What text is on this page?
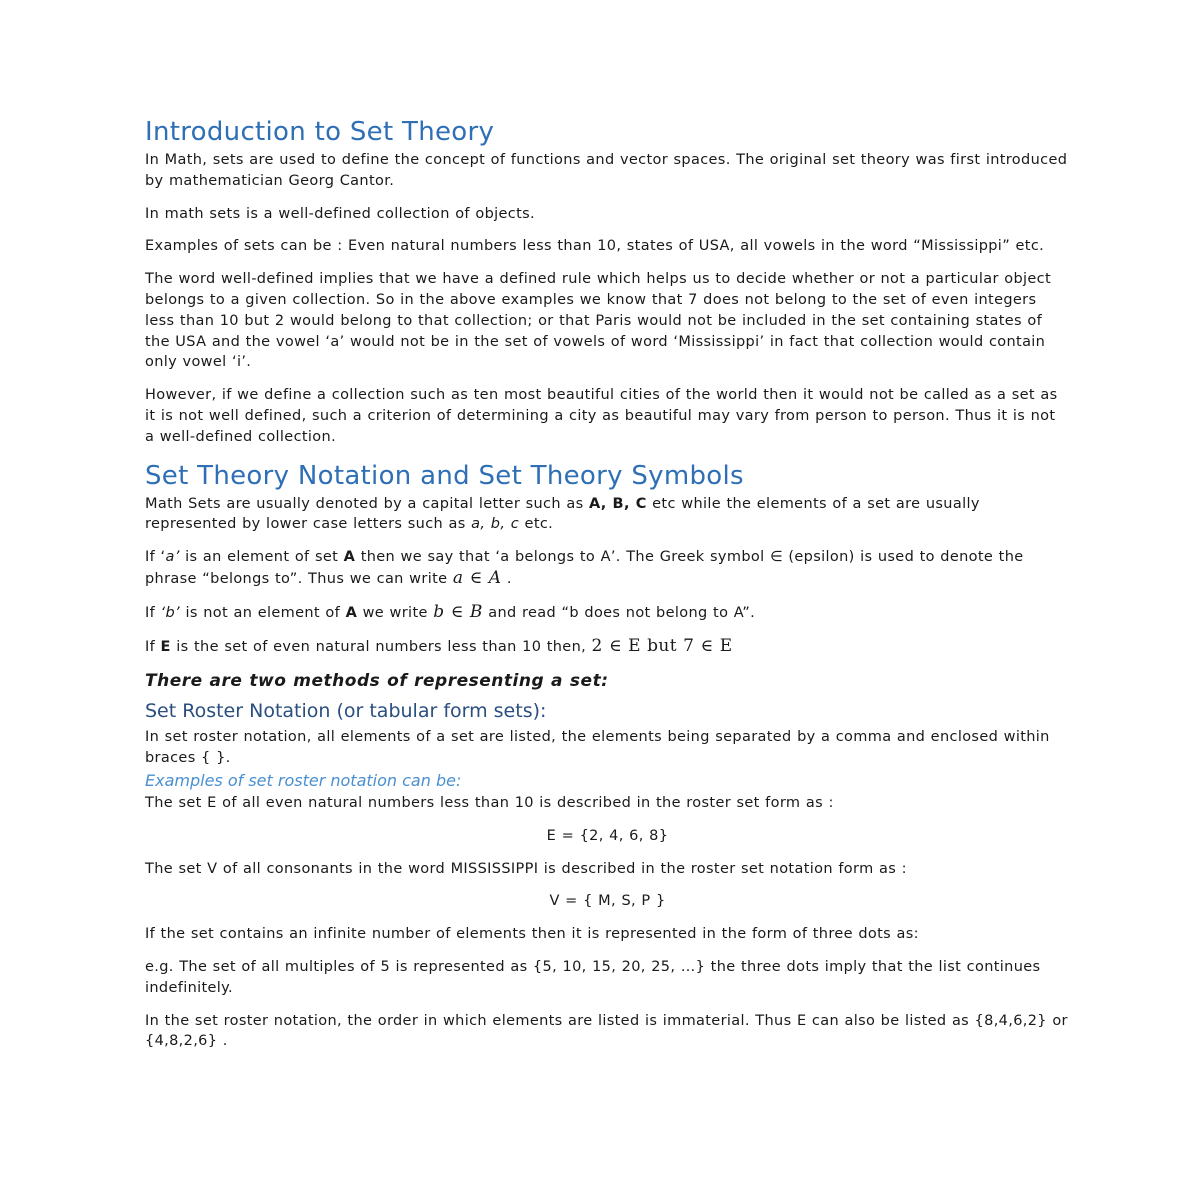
Introduction to Set Theory

In Math, sets are used to define the concept of functions and vector spaces. The original set theory was first introduced by mathematician Georg Cantor.

In math sets is a well-defined collection of objects.

Examples of sets can be : Even natural numbers less than 10, states of USA, all vowels in the word “Mississippi” etc.

The word well-defined implies that we have a defined rule which helps us to decide whether or not a particular object belongs to a given collection. So in the above examples we know that 7 does not belong to the set of even integers less than 10 but 2 would belong to that collection; or that Paris would not be included in the set containing states of the USA and the vowel ‘a’ would not be in the set of vowels of word ‘Mississippi’ in fact that collection would contain only vowel ‘i’.

However, if we define a collection such as ten most beautiful cities of the world then it would not be called as a set as it is not well defined, such a criterion of determining a city as beautiful may vary from person to person. Thus it is not a well-defined collection.

Set Theory Notation and Set Theory Symbols

Math Sets are usually denoted by a capital letter such as A, B, C etc while the elements of a set are usually represented by lower case letters such as a, b, c etc.

If ‘a’ is an element of set A then we say that ‘a belongs to A’. The Greek symbol ∈ (epsilon) is used to denote the phrase “belongs to”. Thus we can write a ∈ A .

If ‘b’ is not an element of A we write b ∈ B and read “b does not belong to A”.

If E is the set of even natural numbers less than 10 then, 2 ∈ E but 7 ∈ E

There are two methods of representing a set:

Set Roster Notation (or tabular form sets):

In set roster notation, all elements of a set are listed, the elements being separated by a comma and enclosed within braces { }.

Examples of set roster notation can be:

The set E of all even natural numbers less than 10 is described in the roster set form as :

E = {2, 4, 6, 8}

The set V of all consonants in the word MISSISSIPPI is described in the roster set notation form as :

V = { M, S, P }

If the set contains an infinite number of elements then it is represented in the form of three dots as:

e.g. The set of all multiples of 5 is represented as {5, 10, 15, 20, 25, …} the three dots imply that the list continues indefinitely.

In the set roster notation, the order in which elements are listed is immaterial. Thus E can also be listed as {8,4,6,2} or {4,8,2,6} .
